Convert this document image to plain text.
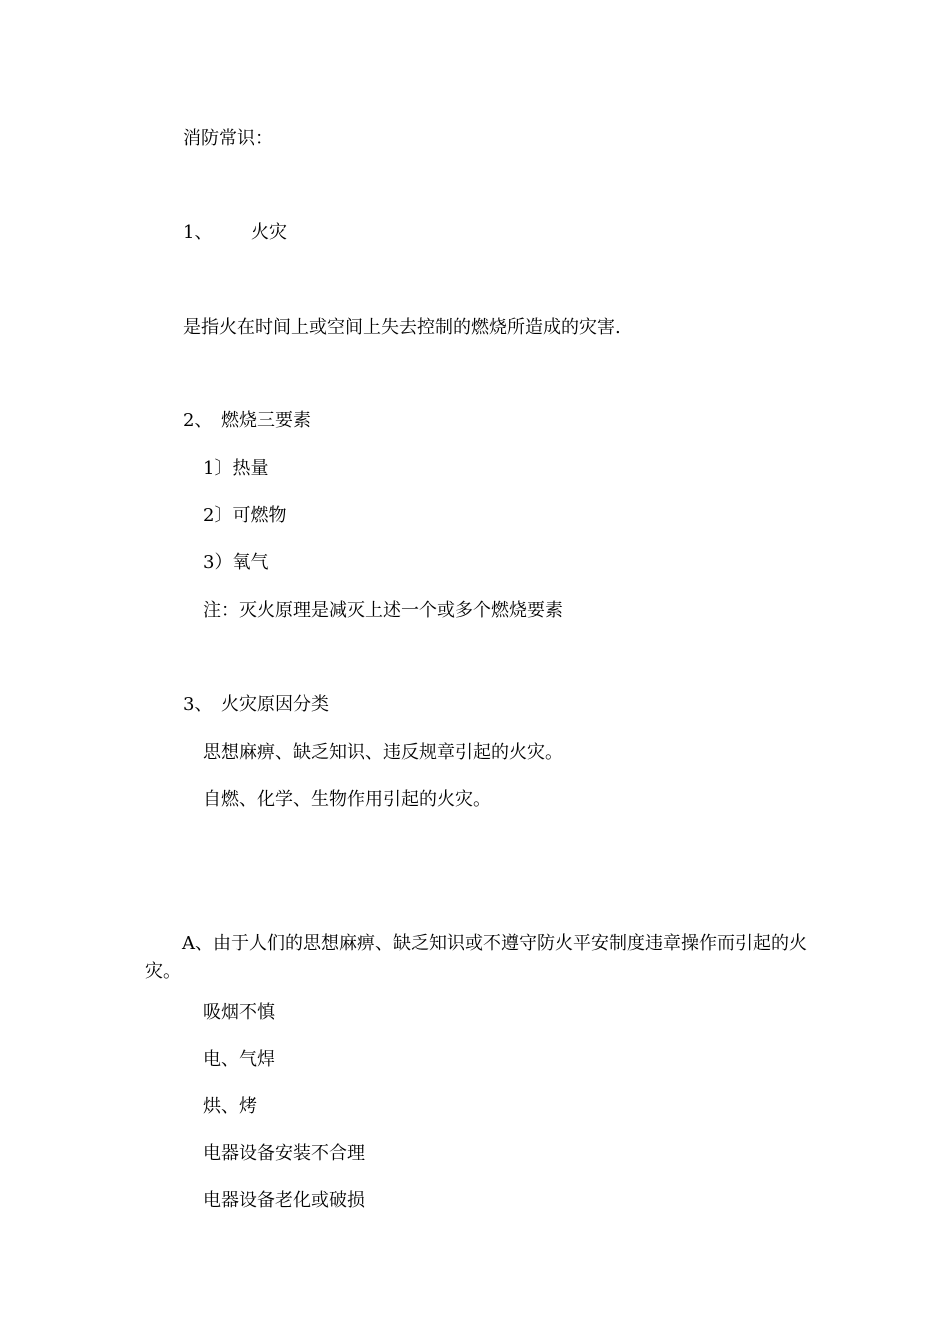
消防常识：

1、 火灾

是指火在时间上或空间上失去控制的燃烧所造成的灾害.

2、 燃烧三要素

1〕热量

2〕可燃物

3）氧气

注：灭火原理是减灭上述一个或多个燃烧要素

3、 火灾原因分类

思想麻痹、缺乏知识、违反规章引起的火灾。

自燃、化学、生物作用引起的火灾。

A、由于人们的思想麻痹、缺乏知识或不遵守防火平安制度违章操作而引起的火灾。

吸烟不慎

电、气焊

烘、烤

电器设备安装不合理

电器设备老化或破损
